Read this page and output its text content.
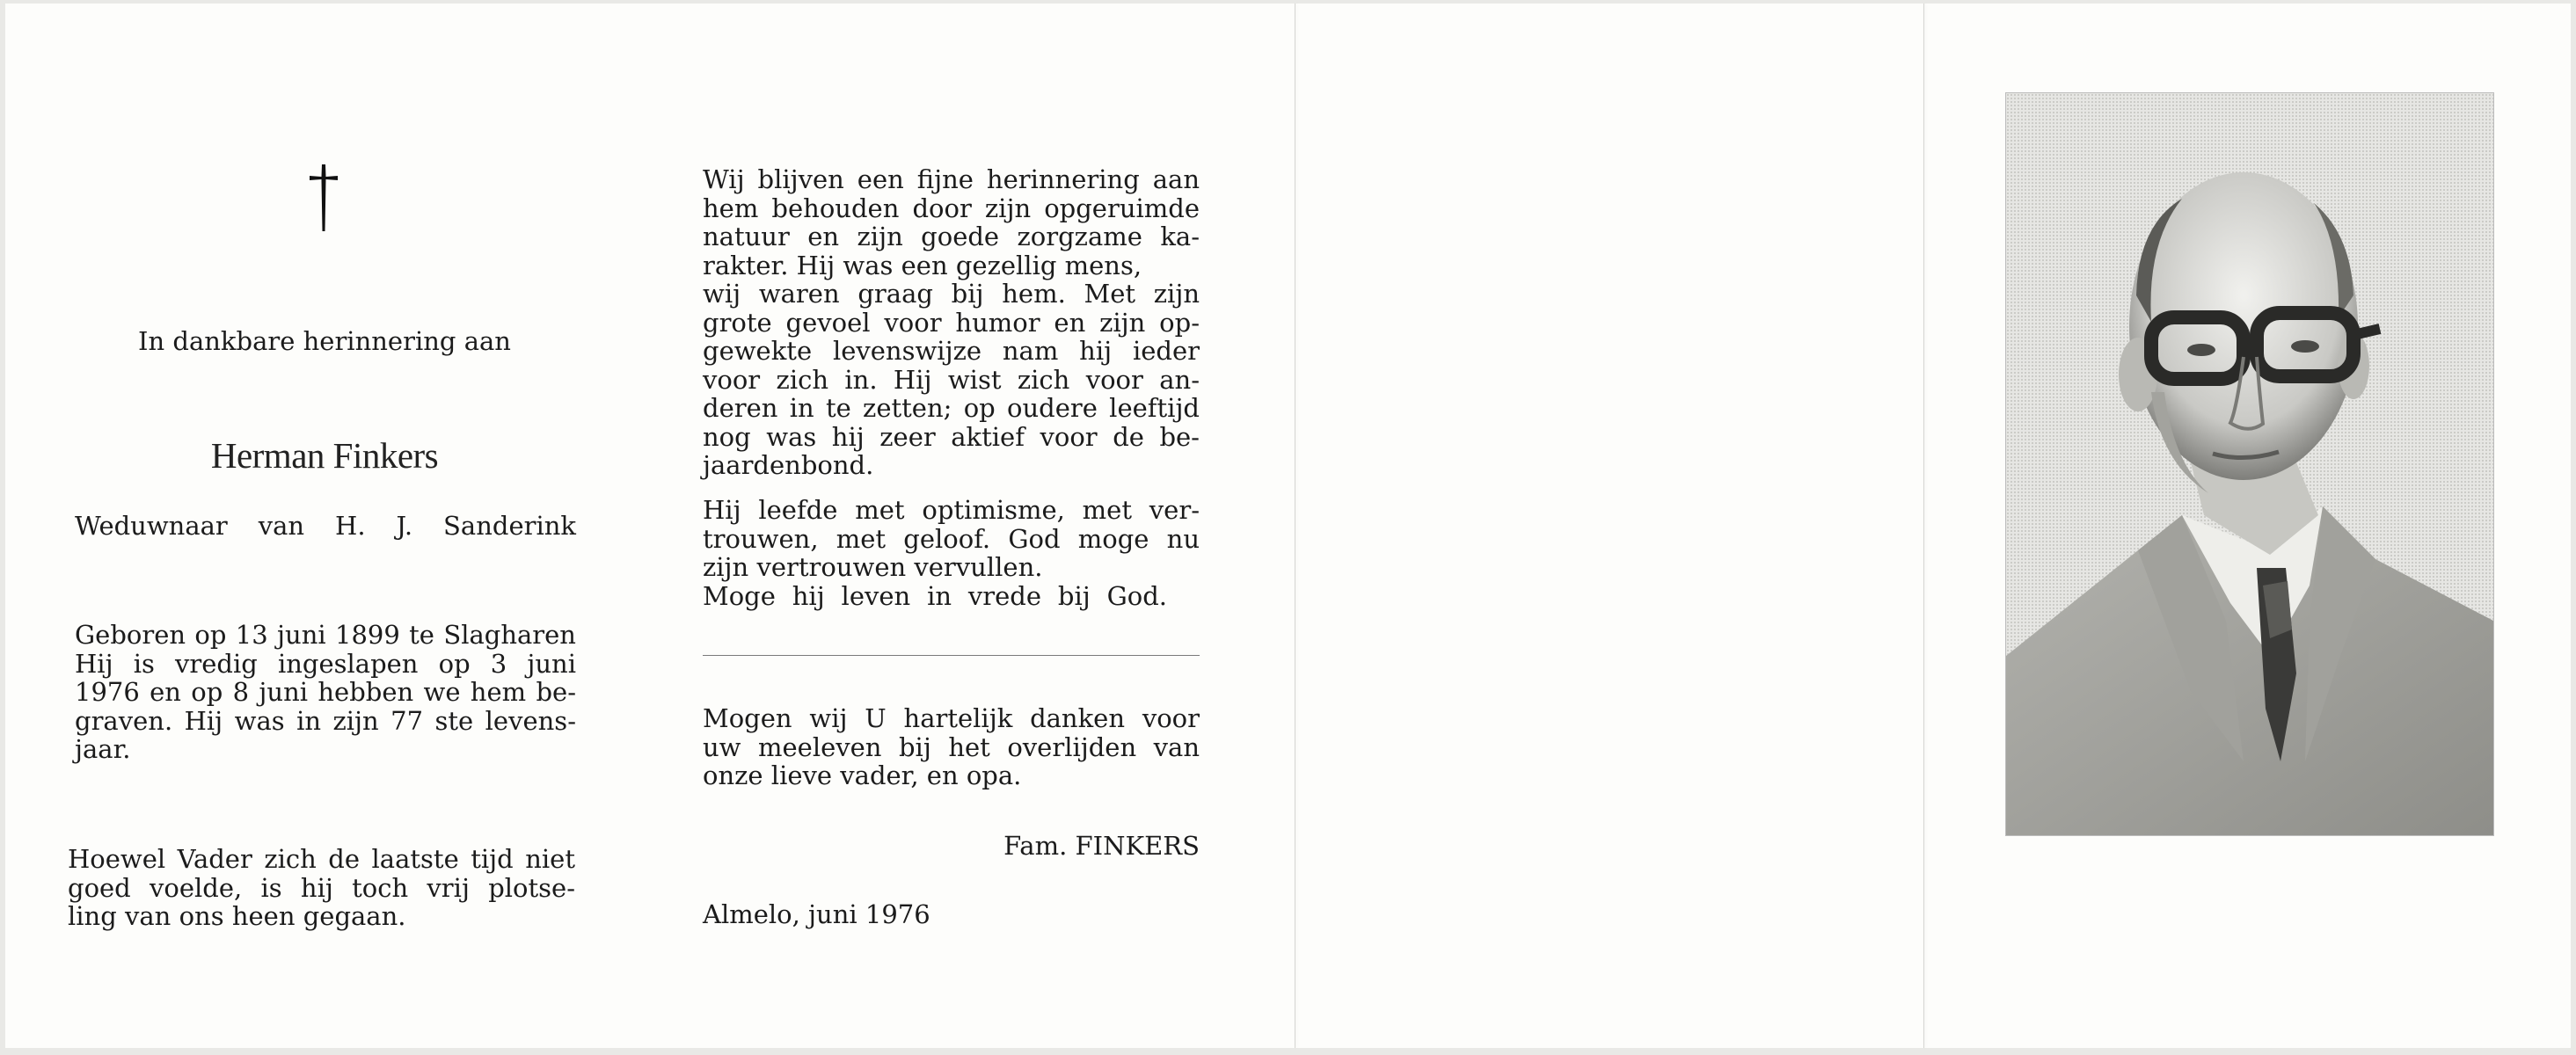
In dankbare herinnering aan
Herman Finkers
Weduwnaar van H. J. Sanderink
Geboren op 13 juni 1899 te Slagharen
Hij is vredig ingeslapen op 3 juni
1976 en op 8 juni hebben we hem be-
graven. Hij was in zijn 77 ste levens-
jaar.
Hoewel Vader zich de laatste tijd niet
goed voelde, is hij toch vrij plotse-
ling van ons heen gegaan.
Wij blijven een fijne herinnering aan
hem behouden door zijn opgeruimde
natuur en zijn goede zorgzame ka-
rakter. Hij was een gezellig mens,
wij waren graag bij hem. Met zijn
grote gevoel voor humor en zijn op-
gewekte levenswijze nam hij ieder
voor zich in. Hij wist zich voor an-
deren in te zetten; op oudere leeftijd
nog was hij zeer aktief voor de be-
jaardenbond.
Hij leefde met optimisme, met ver-
trouwen, met geloof. God moge nu
zijn vertrouwen vervullen.
Moge hij leven in vrede bij God.
Mogen wij U hartelijk danken voor
uw meeleven bij het overlijden van
onze lieve vader, en opa.
Fam. FINKERS
Almelo, juni 1976
